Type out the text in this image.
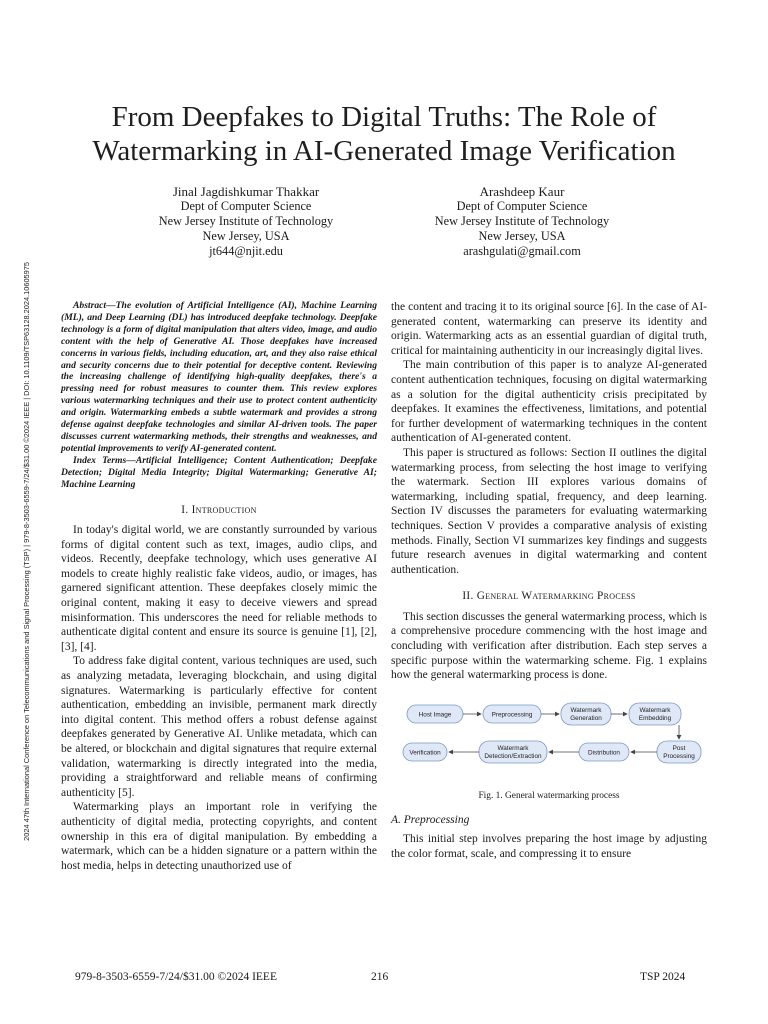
2024 47th International Conference on Telecommunications and Signal Processing (TSP) | 979-8-3503-6559-7/24/$31.00 ©2024 IEEE | DOI: 10.1109/TSP63128.2024.10605975
From Deepfakes to Digital Truths: The Role of Watermarking in AI-Generated Image Verification
Jinal Jagdishkumar Thakkar
Dept of Computer Science
New Jersey Institute of Technology
New Jersey, USA
jt644@njit.edu
Arashdeep Kaur
Dept of Computer Science
New Jersey Institute of Technology
New Jersey, USA
arashgulati@gmail.com

Abstract—The evolution of Artificial Intelligence (AI), Machine Learning (ML), and Deep Learning (DL) has introduced deepfake technology. Deepfake technology is a form of digital manipulation that alters video, image, and audio content with the help of Generative AI. Those deepfakes have increased concerns in various fields, including education, art, and they also raise ethical and security concerns due to their potential for deceptive content. Reviewing the increasing challenge of identifying high-quality deepfakes, there's a pressing need for robust measures to counter them. This review explores various watermarking techniques and their use to protect content authenticity and origin. Watermarking embeds a subtle watermark and provides a strong defense against deepfake technologies and similar AI-driven tools. The paper discusses current watermarking methods, their strengths and weaknesses, and potential improvements to verify AI-generated content.

Index Terms—Artificial Intelligence; Content Authentication; Deepfake Detection; Digital Media Integrity; Digital Watermarking; Generative AI; Machine Learning

I. Introduction

In today's digital world, we are constantly surrounded by various forms of digital content such as text, images, audio clips, and videos. Recently, deepfake technology, which uses generative AI models to create highly realistic fake videos, audio, or images, has garnered significant attention. These deepfakes closely mimic the original content, making it easy to deceive viewers and spread misinformation. This underscores the need for reliable methods to authenticate digital content and ensure its source is genuine [1], [2], [3], [4].

To address fake digital content, various techniques are used, such as analyzing metadata, leveraging blockchain, and using digital signatures. Watermarking is particularly effective for content authentication, embedding an invisible, permanent mark directly into digital content. This method offers a robust defense against deepfakes generated by Generative AI. Unlike metadata, which can be altered, or blockchain and digital signatures that require external validation, watermarking is directly integrated into the media, providing a straightforward and reliable means of confirming authenticity [5].

Watermarking plays an important role in verifying the authenticity of digital media, protecting copyrights, and content ownership in this era of digital manipulation. By embedding a watermark, which can be a hidden signature or a pattern within the host media, helps in detecting unauthorized use of

the content and tracing it to its original source [6]. In the case of AI-generated content, watermarking can preserve its identity and origin. Watermarking acts as an essential guardian of digital truth, critical for maintaining authenticity in our increasingly digital lives.

The main contribution of this paper is to analyze AI-generated content authentication techniques, focusing on digital watermarking as a solution for the digital authenticity crisis precipitated by deepfakes. It examines the effectiveness, limitations, and potential for further development of watermarking techniques in the content authentication of AI-generated content.

This paper is structured as follows: Section II outlines the digital watermarking process, from selecting the host image to verifying the watermark. Section III explores various domains of watermarking, including spatial, frequency, and deep learning. Section IV discusses the parameters for evaluating watermarking techniques. Section V provides a comparative analysis of existing methods. Finally, Section VI summarizes key findings and suggests future research avenues in digital watermarking and content authentication.

II. General Watermarking Process

This section discusses the general watermarking process, which is a comprehensive procedure commencing with the host image and concluding with verification after distribution. Each step serves a specific purpose within the watermarking scheme. Fig. 1 explains how the general watermarking process is done.

Host Image	Preprocessing
Watermark
Generation
Watermark
Embedding
Post
Processing
Distribution
Watermark
Detection/Extraction
Verification
Fig. 1. General watermarking process
A. Preprocessing

This initial step involves preparing the host image by adjusting the color format, scale, and compressing it to ensure

979-8-3503-6559-7/24/$31.00 ©2024 IEEE	216	TSP 2024
